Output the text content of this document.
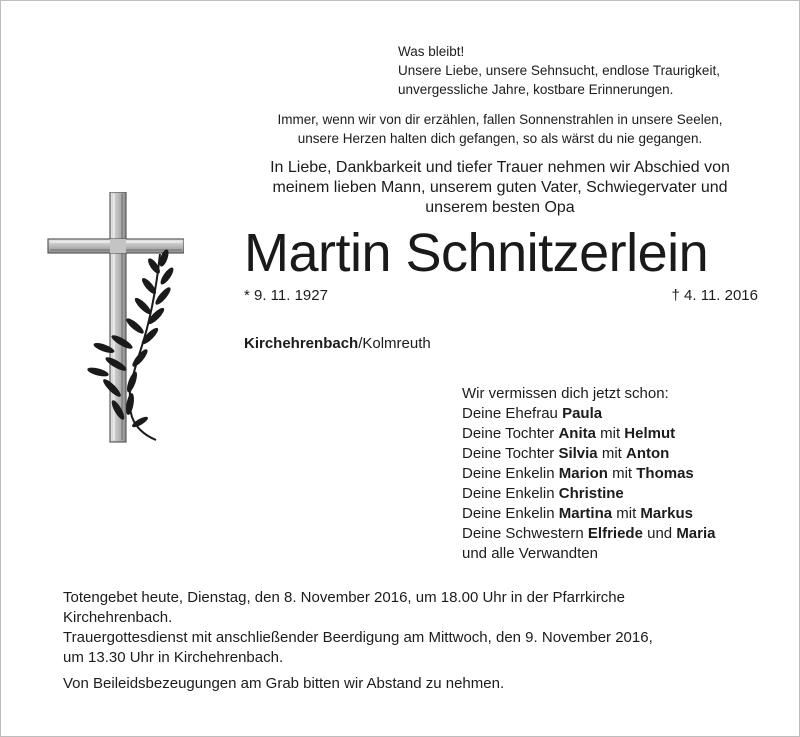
Was bleibt!
Unsere Liebe, unsere Sehnsucht, endlose Traurigkeit,
unvergessliche Jahre, kostbare Erinnerungen.
Immer, wenn wir von dir erzählen, fallen Sonnenstrahlen in unsere Seelen,
unsere Herzen halten dich gefangen, so als wärst du nie gegangen.
In Liebe, Dankbarkeit und tiefer Trauer nehmen wir Abschied von
meinem lieben Mann, unserem guten Vater, Schwiegervater und
unserem besten Opa
Martin Schnitzerlein
* 9. 11. 1927	† 4. 11. 2016
Kirchehrenbach/Kolmreuth
Wir vermissen dich jetzt schon:
Deine Ehefrau Paula
Deine Tochter Anita mit Helmut
Deine Tochter Silvia mit Anton
Deine Enkelin Marion mit Thomas
Deine Enkelin Christine
Deine Enkelin Martina mit Markus
Deine Schwestern Elfriede und Maria
und alle Verwandten

Totengebet heute, Dienstag, den 8. November 2016, um 18.00 Uhr in der Pfarrkirche

Kirchehrenbach.

Trauergottesdienst mit anschließender Beerdigung am Mittwoch, den 9. November 2016,

um 13.30 Uhr in Kirchehrenbach.

Von Beileidsbezeugungen am Grab bitten wir Abstand zu nehmen.
